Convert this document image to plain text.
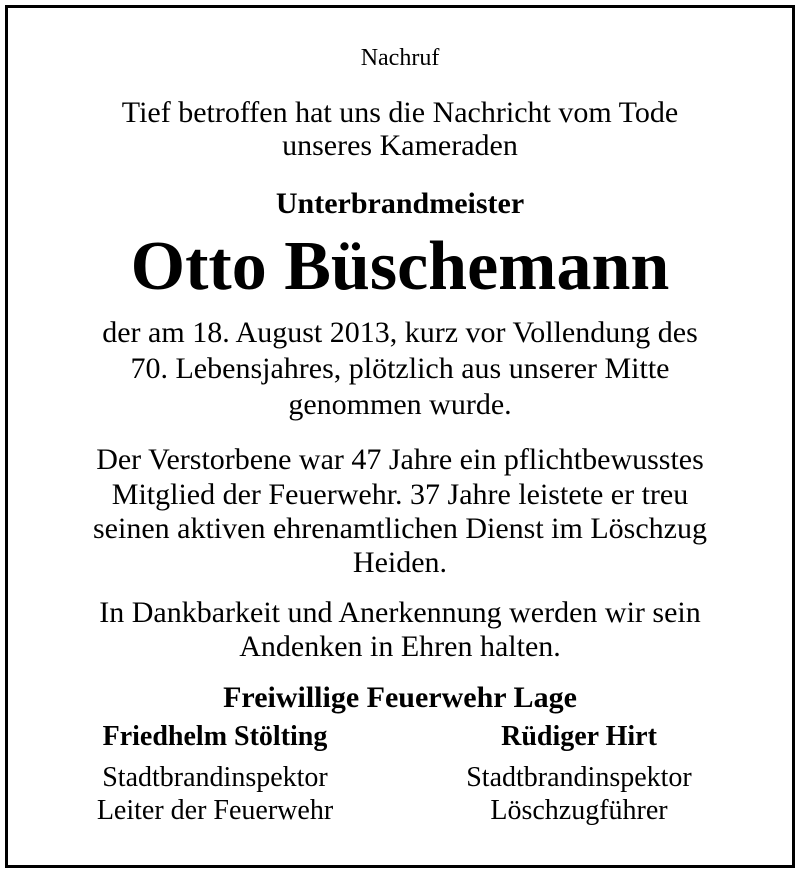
Nachruf
Tief betroffen hat uns die Nachricht vom Tode
unseres Kameraden
Unterbrandmeister
Otto Büschemann
der am 18. August 2013, kurz vor Vollendung des
70. Lebensjahres, plötzlich aus unserer Mitte
genommen wurde.
Der Verstorbene war 47 Jahre ein pflichtbewusstes
Mitglied der Feuerwehr. 37 Jahre leistete er treu
seinen aktiven ehrenamtlichen Dienst im Löschzug
Heiden.
In Dankbarkeit und Anerkennung werden wir sein
Andenken in Ehren halten.
Freiwillige Feuerwehr Lage
Friedhelm Stölting
Stadtbrandinspektor
Leiter der Feuerwehr
Rüdiger Hirt
Stadtbrandinspektor
Löschzugführer
